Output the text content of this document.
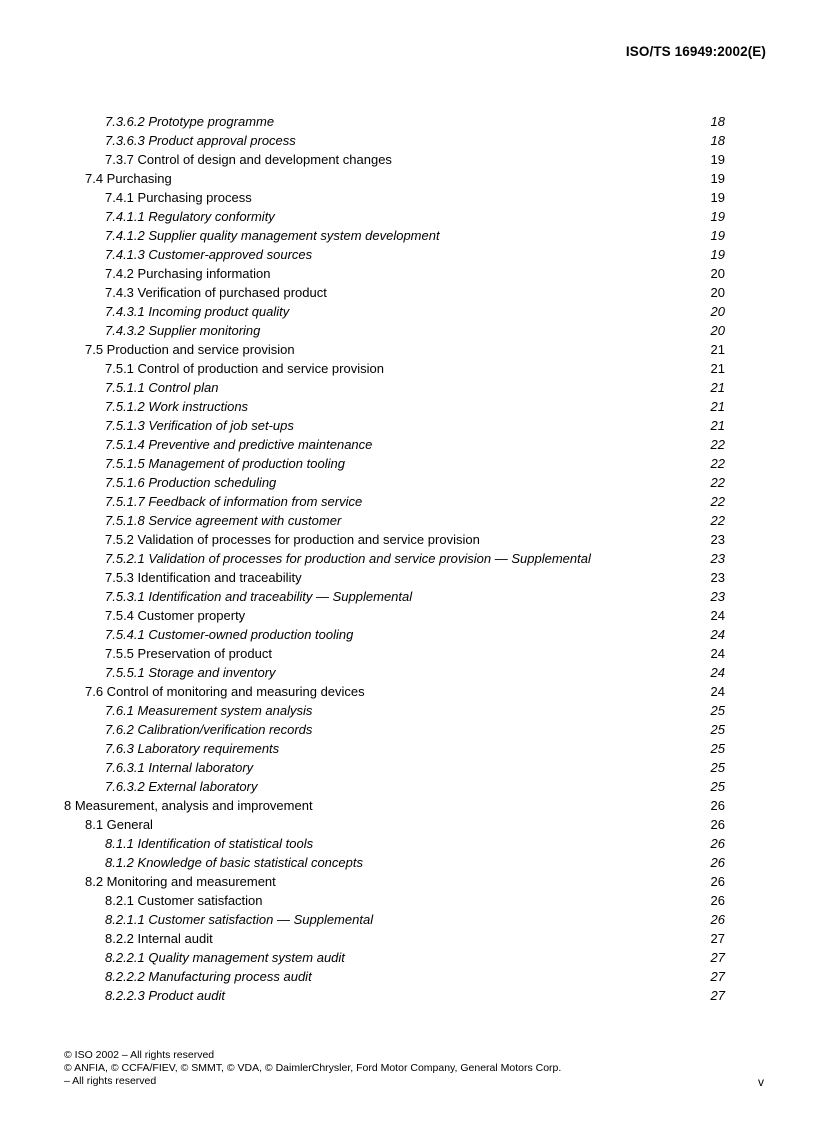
ISO/TS 16949:2002(E)
7.3.6.2 Prototype programme	18
7.3.6.3 Product approval process	18
7.3.7 Control of design and development changes	19
7.4 Purchasing	19
7.4.1 Purchasing process	19
7.4.1.1 Regulatory conformity	19
7.4.1.2 Supplier quality management system development	19
7.4.1.3 Customer-approved sources	19
7.4.2 Purchasing information	20
7.4.3 Verification of purchased product	20
7.4.3.1 Incoming product quality	20
7.4.3.2 Supplier monitoring	20
7.5 Production and service provision	21
7.5.1 Control of production and service provision	21
7.5.1.1 Control plan	21
7.5.1.2 Work instructions	21
7.5.1.3 Verification of job set-ups	21
7.5.1.4 Preventive and predictive maintenance	22
7.5.1.5 Management of production tooling	22
7.5.1.6 Production scheduling	22
7.5.1.7 Feedback of information from service	22
7.5.1.8 Service agreement with customer	22
7.5.2 Validation of processes for production and service provision	23
7.5.2.1 Validation of processes for production and service provision — Supplemental	23
7.5.3 Identification and traceability	23
7.5.3.1 Identification and traceability — Supplemental	23
7.5.4 Customer property	24
7.5.4.1 Customer-owned production tooling	24
7.5.5 Preservation of product	24
7.5.5.1 Storage and inventory	24
7.6 Control of monitoring and measuring devices	24
7.6.1 Measurement system analysis	25
7.6.2 Calibration/verification records	25
7.6.3 Laboratory requirements	25
7.6.3.1 Internal laboratory	25
7.6.3.2 External laboratory	25
8 Measurement, analysis and improvement	26
8.1 General	26
8.1.1 Identification of statistical tools	26
8.1.2 Knowledge of basic statistical concepts	26
8.2 Monitoring and measurement	26
8.2.1 Customer satisfaction	26
8.2.1.1 Customer satisfaction — Supplemental	26
8.2.2 Internal audit	27
8.2.2.1 Quality management system audit	27
8.2.2.2 Manufacturing process audit	27
8.2.2.3 Product audit	27
© ISO 2002 – All rights reserved
© ANFIA, © CCFA/FIEV, © SMMT, © VDA, © DaimlerChrysler, Ford Motor Company, General Motors Corp.
– All rights reserved	v
